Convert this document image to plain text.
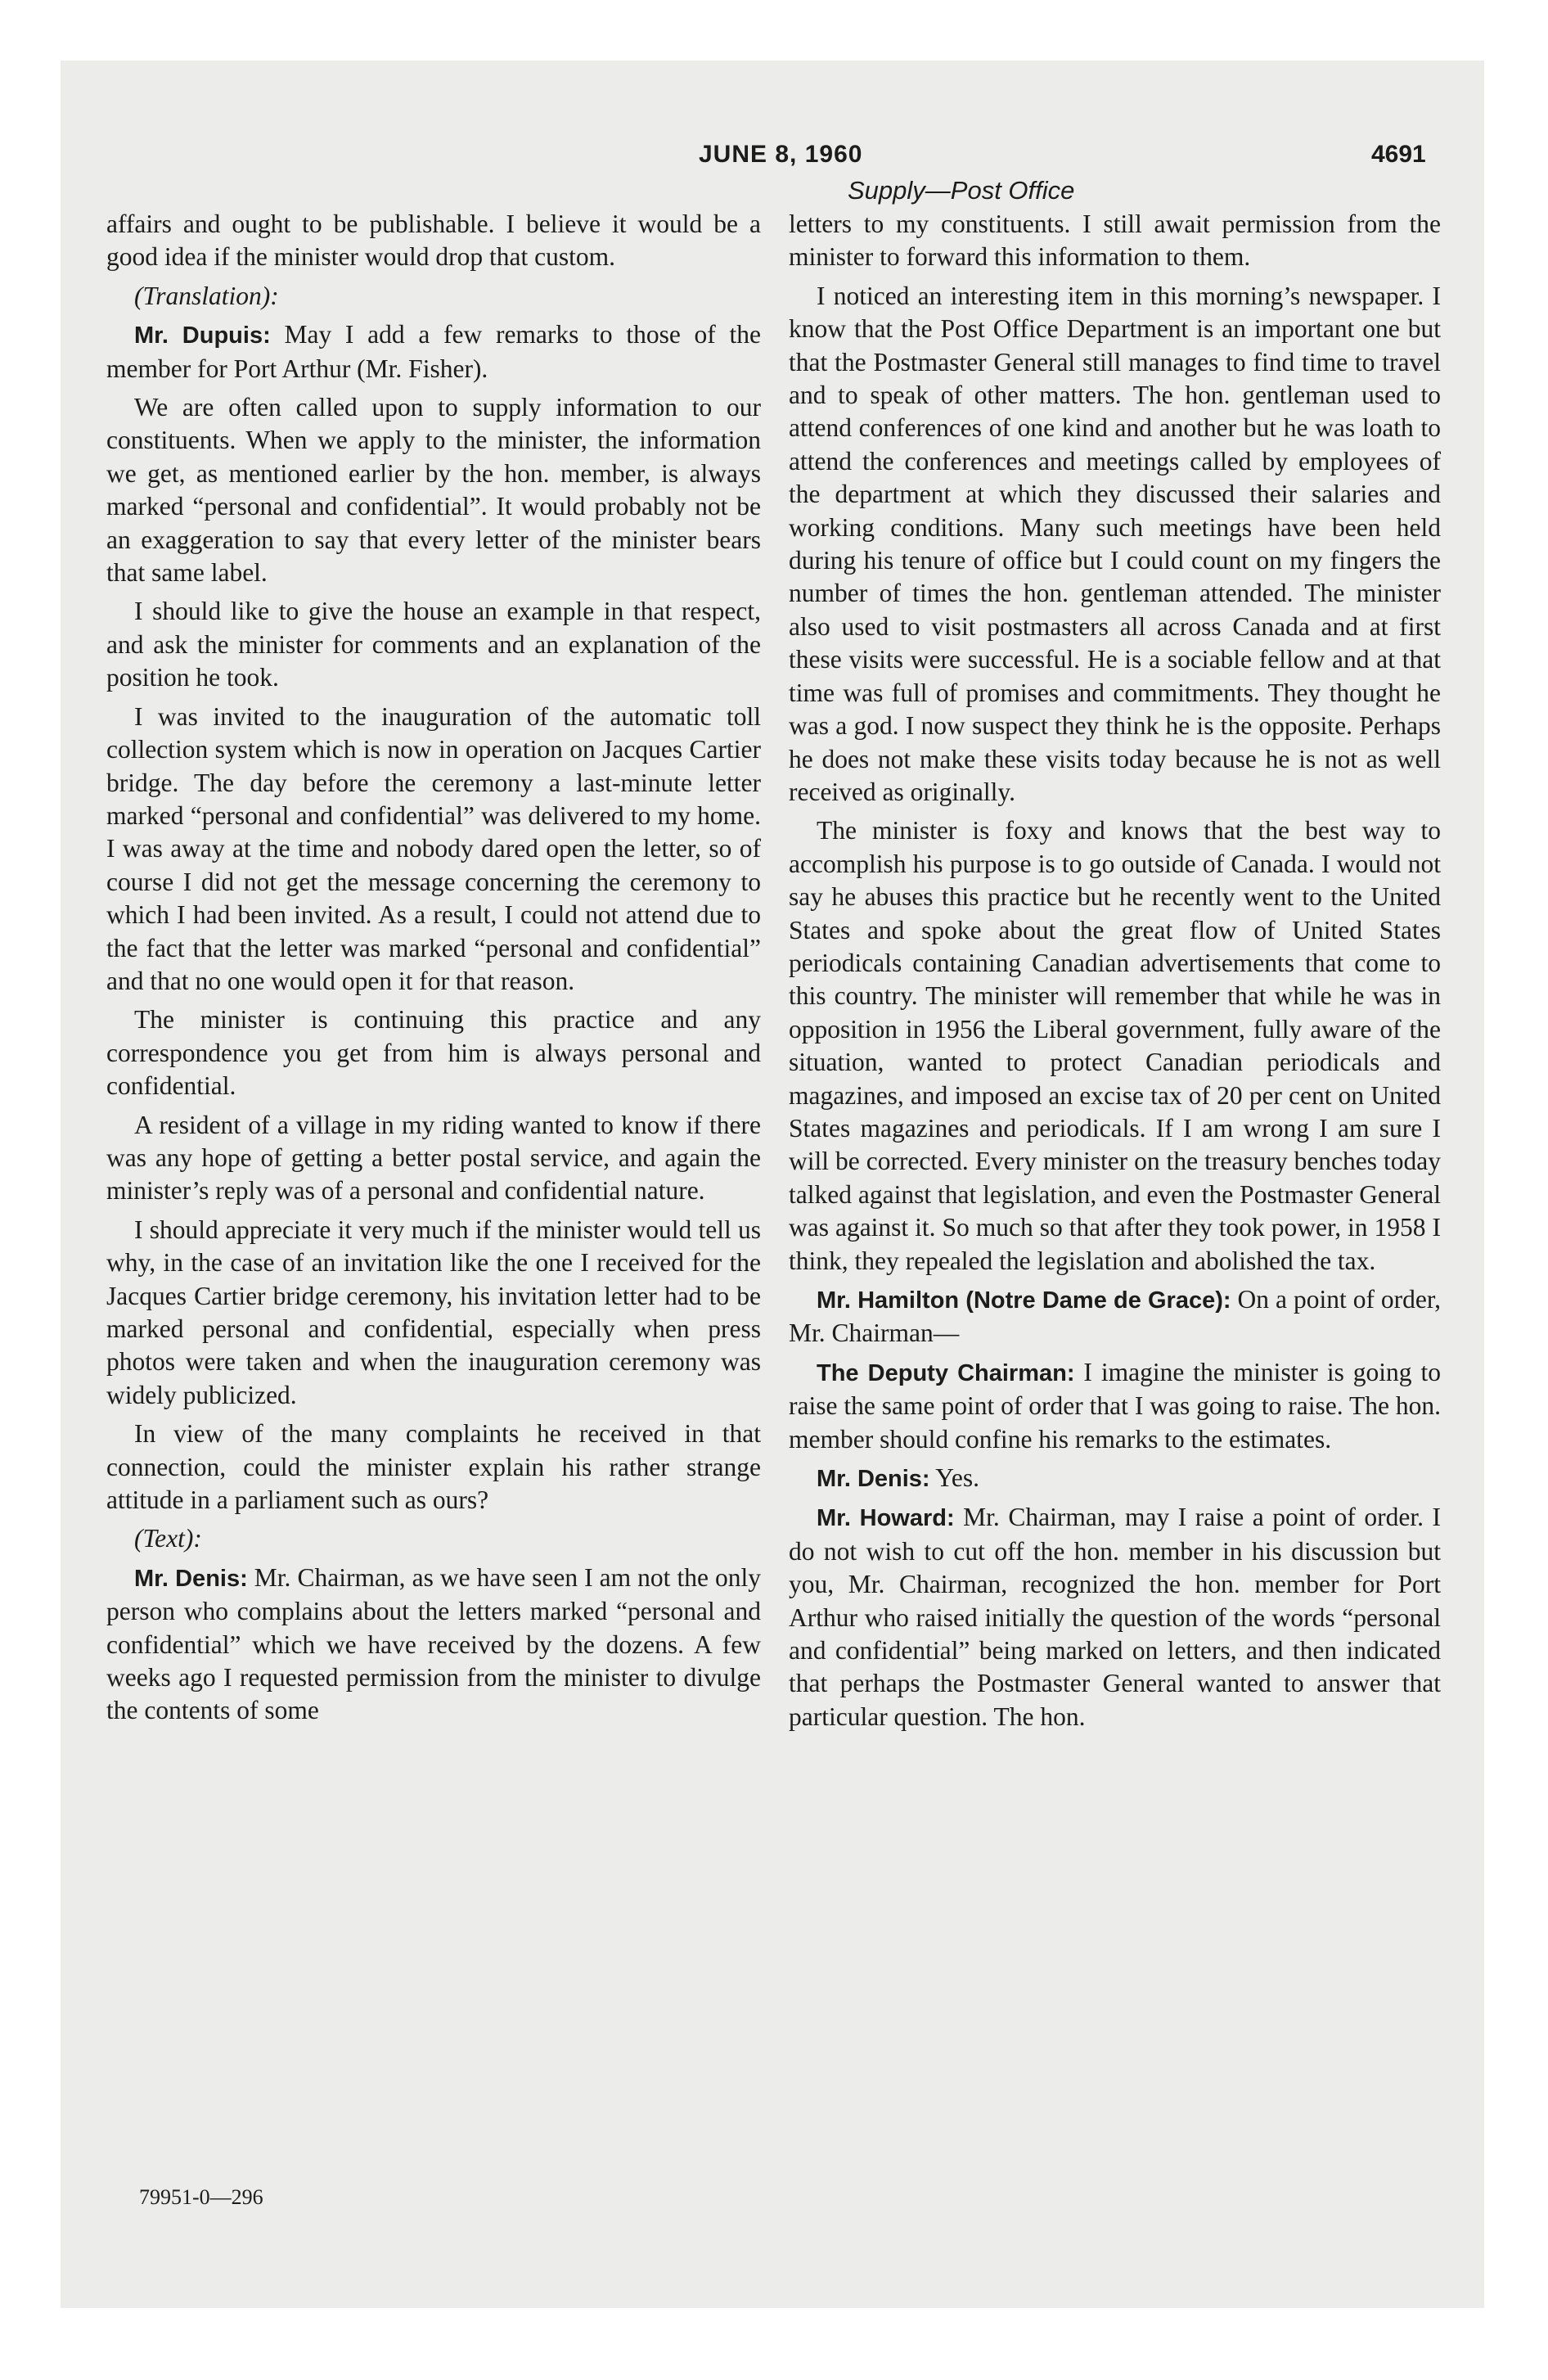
JUNE 8, 1960	4691
Supply—Post Office

affairs and ought to be publishable. I believe it would be a good idea if the minister would drop that custom.

(Translation):

Mr. Dupuis: May I add a few remarks to those of the member for Port Arthur (Mr. Fisher).

We are often called upon to supply information to our constituents. When we apply to the minister, the information we get, as mentioned earlier by the hon. member, is always marked “personal and confidential”. It would probably not be an exaggeration to say that every letter of the minister bears that same label.

I should like to give the house an example in that respect, and ask the minister for comments and an explanation of the position he took.

I was invited to the inauguration of the automatic toll collection system which is now in operation on Jacques Cartier bridge. The day before the ceremony a last-minute letter marked “personal and confidential” was delivered to my home. I was away at the time and nobody dared open the letter, so of course I did not get the message concerning the ceremony to which I had been invited. As a result, I could not attend due to the fact that the letter was marked “personal and confidential” and that no one would open it for that reason.

The minister is continuing this practice and any correspondence you get from him is always personal and confidential.

A resident of a village in my riding wanted to know if there was any hope of getting a better postal service, and again the minister’s reply was of a personal and confidential nature.

I should appreciate it very much if the minister would tell us why, in the case of an invitation like the one I received for the Jacques Cartier bridge ceremony, his invitation letter had to be marked personal and confidential, especially when press photos were taken and when the inauguration ceremony was widely publicized.

In view of the many complaints he received in that connection, could the minister explain his rather strange attitude in a parliament such as ours?

(Text):

Mr. Denis: Mr. Chairman, as we have seen I am not the only person who complains about the letters marked “personal and confidential” which we have received by the dozens. A few weeks ago I requested permission from the minister to divulge the contents of some

letters to my constituents. I still await permission from the minister to forward this information to them.

I noticed an interesting item in this morning’s newspaper. I know that the Post Office Department is an important one but that the Postmaster General still manages to find time to travel and to speak of other matters. The hon. gentleman used to attend conferences of one kind and another but he was loath to attend the conferences and meetings called by employees of the department at which they discussed their salaries and working conditions. Many such meetings have been held during his tenure of office but I could count on my fingers the number of times the hon. gentleman attended. The minister also used to visit postmasters all across Canada and at first these visits were successful. He is a sociable fellow and at that time was full of promises and commitments. They thought he was a god. I now suspect they think he is the opposite. Perhaps he does not make these visits today because he is not as well received as originally.

The minister is foxy and knows that the best way to accomplish his purpose is to go outside of Canada. I would not say he abuses this practice but he recently went to the United States and spoke about the great flow of United States periodicals containing Canadian advertisements that come to this country. The minister will remember that while he was in opposition in 1956 the Liberal government, fully aware of the situation, wanted to protect Canadian periodicals and magazines, and imposed an excise tax of 20 per cent on United States magazines and periodicals. If I am wrong I am sure I will be corrected. Every minister on the treasury benches today talked against that legislation, and even the Postmaster General was against it. So much so that after they took power, in 1958 I think, they repealed the legislation and abolished the tax.

Mr. Hamilton (Notre Dame de Grace): On a point of order, Mr. Chairman—

The Deputy Chairman: I imagine the minister is going to raise the same point of order that I was going to raise. The hon. member should confine his remarks to the estimates.

Mr. Denis: Yes.

Mr. Howard: Mr. Chairman, may I raise a point of order. I do not wish to cut off the hon. member in his discussion but you, Mr. Chairman, recognized the hon. member for Port Arthur who raised initially the question of the words “personal and confidential” being marked on letters, and then indicated that perhaps the Postmaster General wanted to answer that particular question. The hon.

79951-0—296
